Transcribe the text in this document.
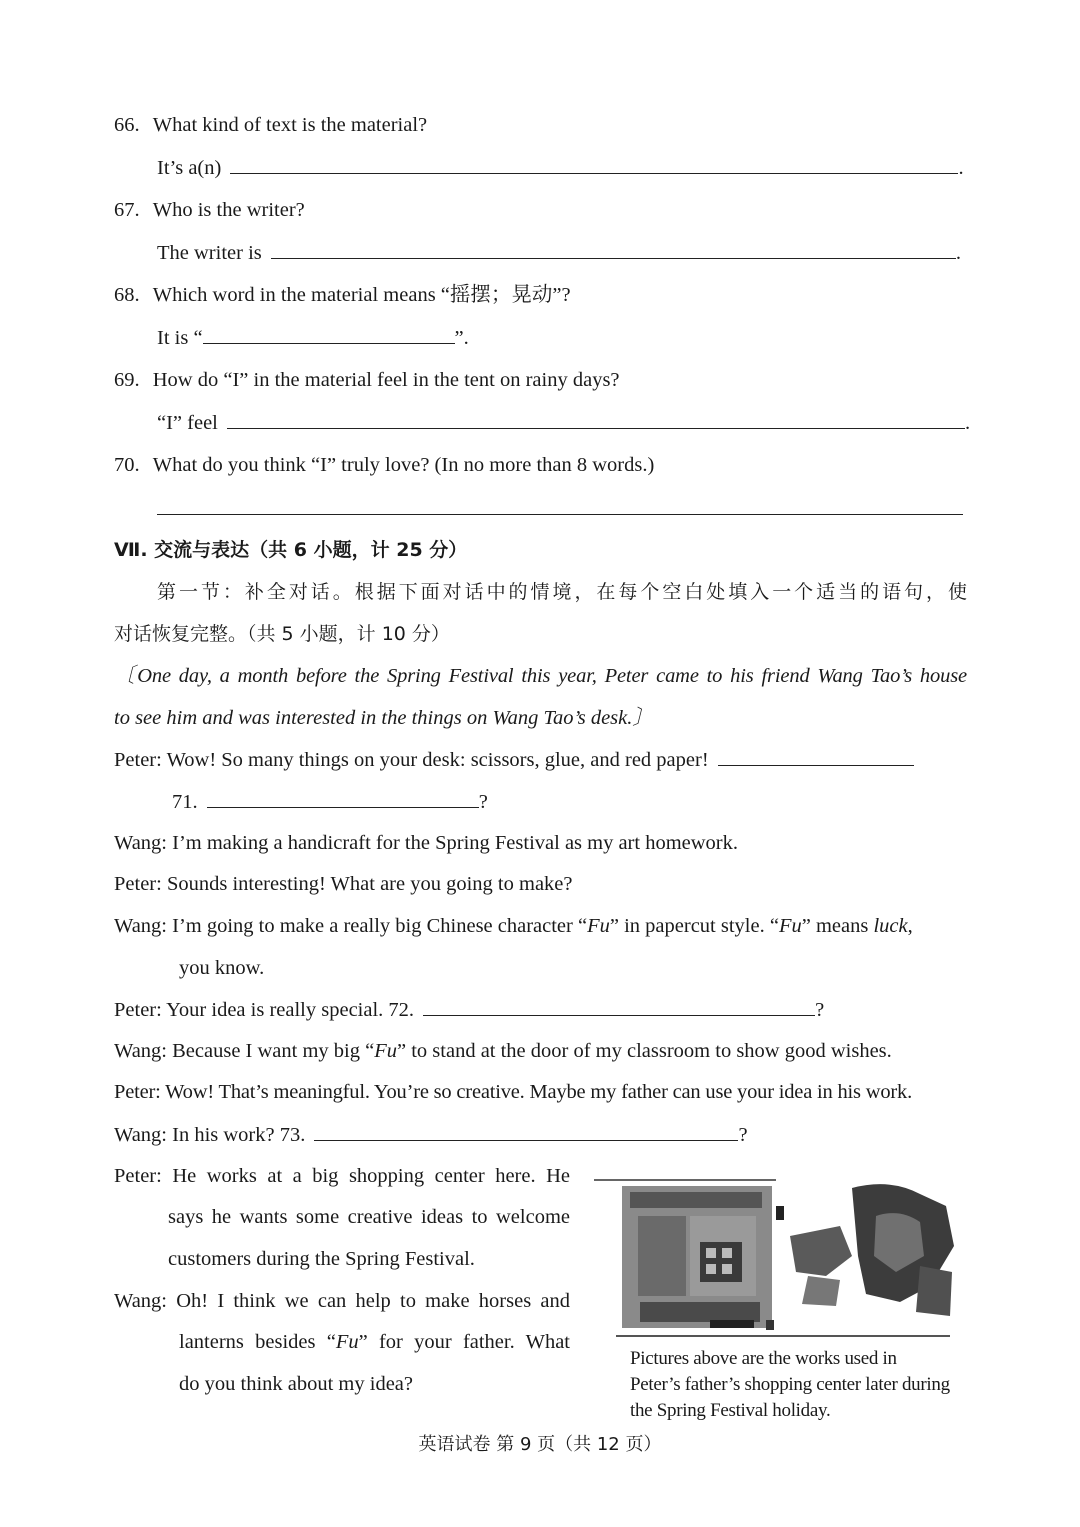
66. What kind of text is the material?
It’s a(n)	.
67. Who is the writer?
The writer is	.
68. Which word in the material means “摇摆；晃动”?
It is “	”.
69. How do “I” in the material feel in the tent on rainy days?
“I” feel	.
70. What do you think “I” truly love? (In no more than 8 words.)
Ⅶ. 交流与表达（共 6 小题，计 25 分）
第一节：补全对话。根据下面对话中的情境，在每个空白处填入一个适当的语句，使
对话恢复完整。（共 5 小题，计 10 分）
〔One day, a month before the Spring Festival this year, Peter came to his friend Wang Tao’s house
to see him and was interested in the things on Wang Tao’s desk.〕
Peter: Wow! So many things on your desk: scissors, glue, and red paper!
71.	?
Wang: I’m making a handicraft for the Spring Festival as my art homework.
Peter: Sounds interesting! What are you going to make?
Wang: I’m going to make a really big Chinese character “Fu” in papercut style. “Fu” means luck,
you know.
Peter: Your idea is really special. 72.	?
Wang: Because I want my big “Fu” to stand at the door of my classroom to show good wishes.
Peter: Wow! That’s meaningful. You’re so creative. Maybe my father can use your idea in his work.
Wang: In his work? 73.	?
Peter: He works at a big shopping center here. He
says he wants some creative ideas to welcome
customers during the Spring Festival.
Wang: Oh! I think we can help to make horses and
lanterns besides “Fu” for your father. What
do you think about my idea?
Pictures above are the works used in Peter’s father’s shopping center later during the Spring Festival holiday.
英语试卷 第 9 页（共 12 页）
